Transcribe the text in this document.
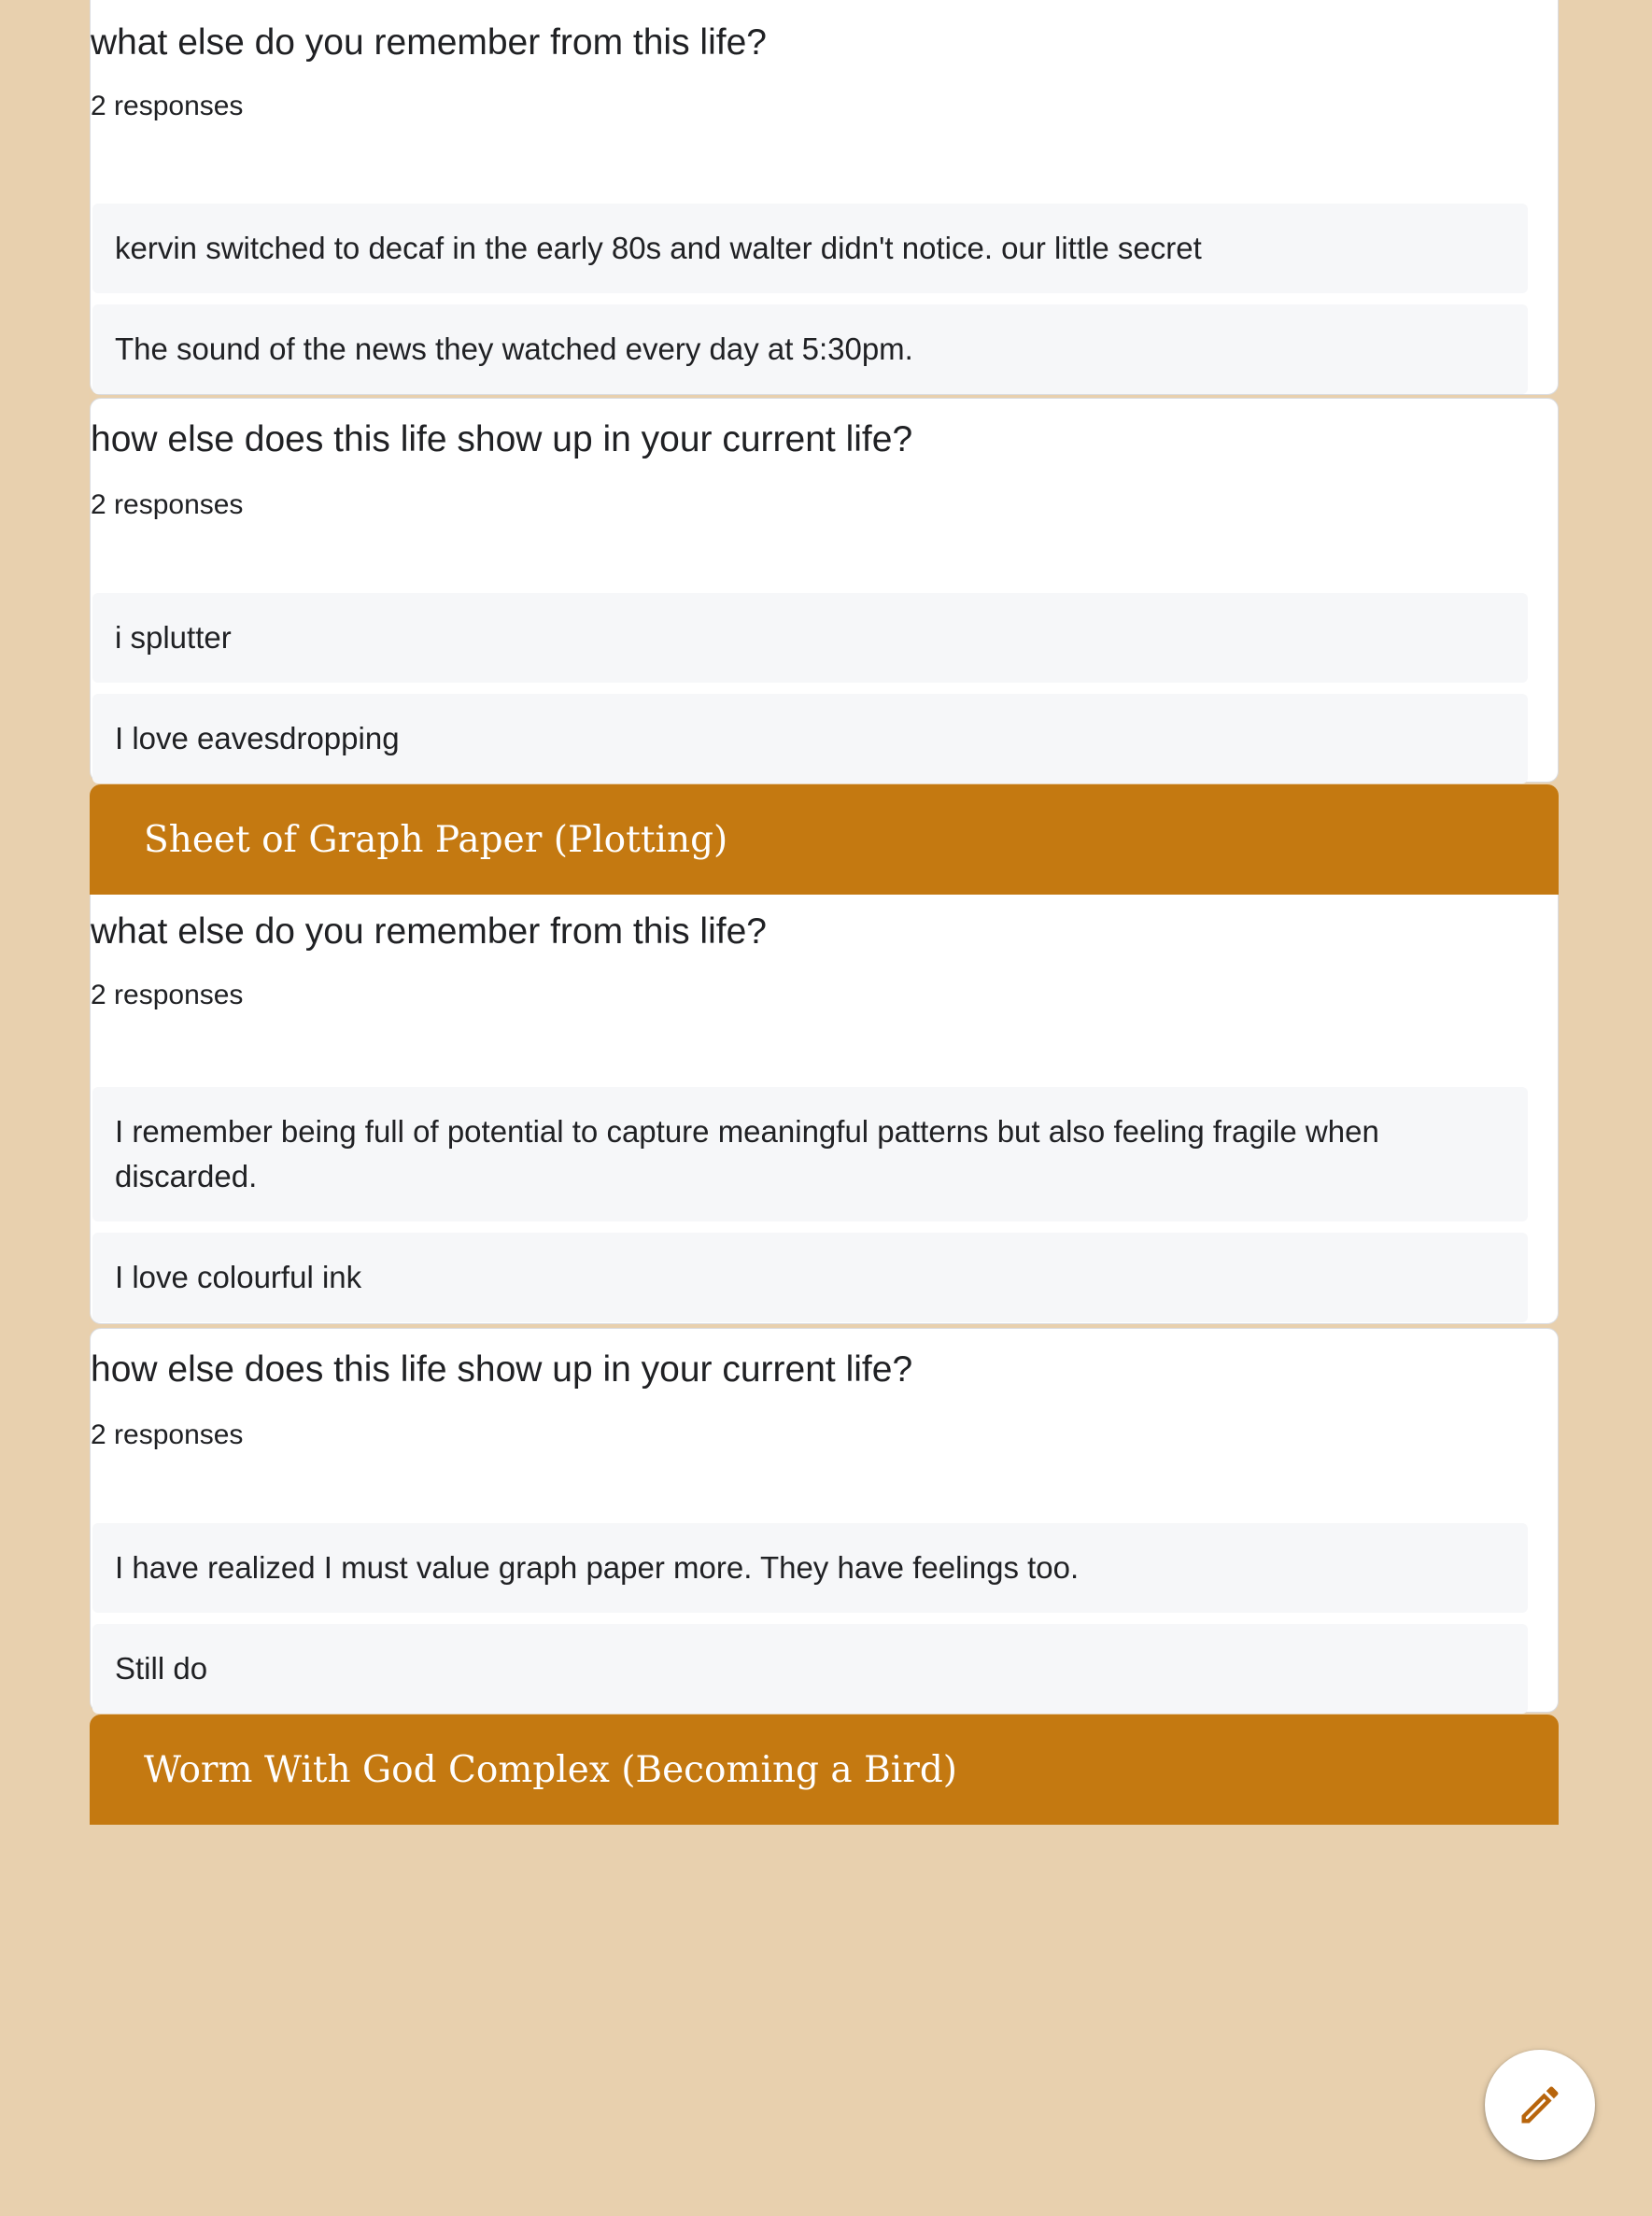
what else do you remember from this life?
2 responses
kervin switched to decaf in the early 80s and walter didn't notice. our little secret
The sound of the news they watched every day at 5:30pm.
how else does this life show up in your current life?
2 responses
i splutter
I love eavesdropping
Sheet of Graph Paper (Plotting)
what else do you remember from this life?
2 responses
I remember being full of potential to capture meaningful patterns but also feeling fragile when discarded.
I love colourful ink
how else does this life show up in your current life?
2 responses
I have realized I must value graph paper more. They have feelings too.
Still do
Worm With God Complex (Becoming a Bird)
